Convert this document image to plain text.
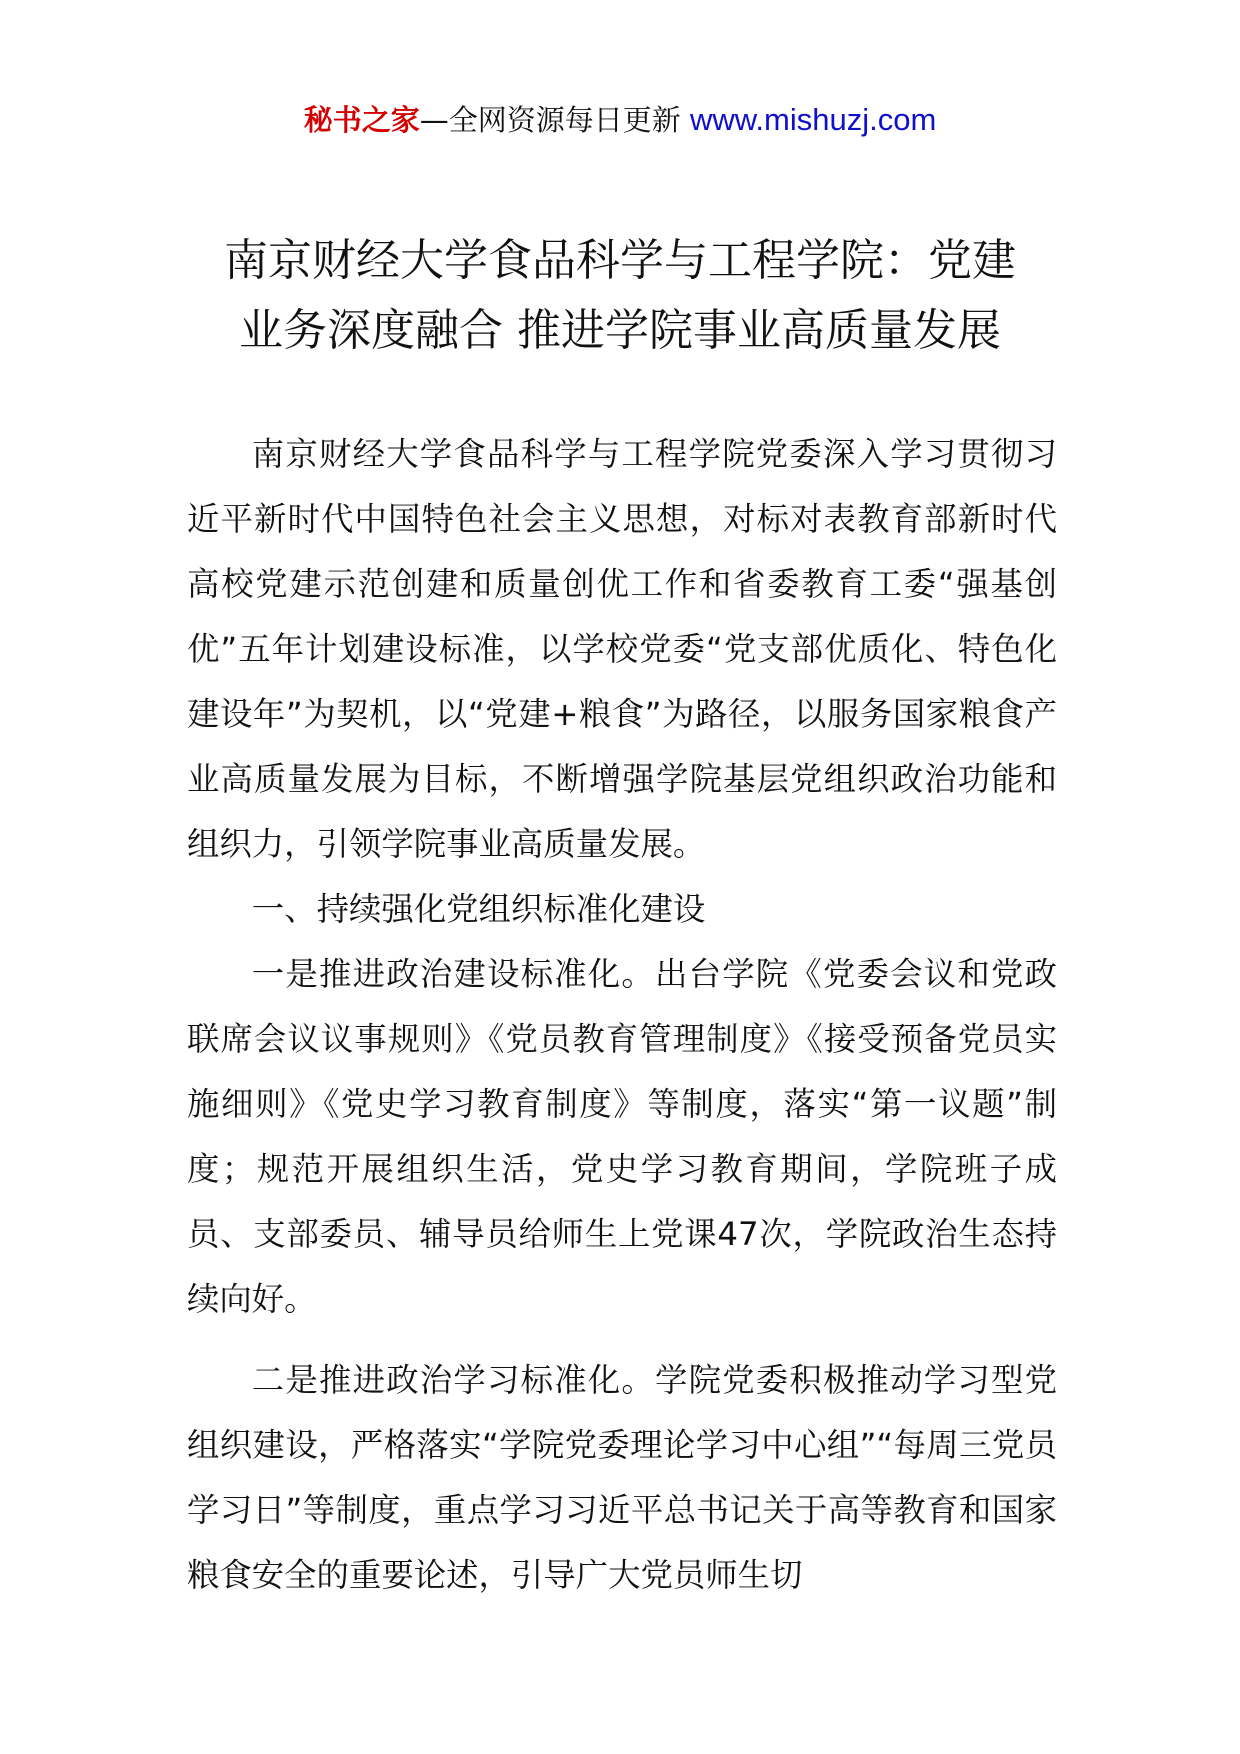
秘书之家—全网资源每日更新 www.mishuzj.com
南京财经大学食品科学与工程学院：党建
业务深度融合 推进学院事业高质量发展

南京财经大学食品科学与工程学院党委深入学习贯彻习近平新时代中国特色社会主义思想，对标对表教育部新时代高校党建示范创建和质量创优工作和省委教育工委“强基创优”五年计划建设标准，以学校党委“党支部优质化、特色化建设年”为契机，以“党建+粮食”为路径，以服务国家粮食产业高质量发展为目标，不断增强学院基层党组织政治功能和组织力，引领学院事业高质量发展。

一、持续强化党组织标准化建设

一是推进政治建设标准化。出台学院《党委会议和党政联席会议议事规则》《党员教育管理制度》《接受预备党员实施细则》《党史学习教育制度》等制度，落实“第一议题”制度；规范开展组织生活，党史学习教育期间，学院班子成员、支部委员、辅导员给师生上党课47次，学院政治生态持续向好。

二是推进政治学习标准化。学院党委积极推动学习型党组织建设，严格落实“学院党委理论学习中心组”“每周三党员学习日”等制度，重点学习习近平总书记关于高等教育和国家粮食安全的重要论述，引导广大党员师生切
